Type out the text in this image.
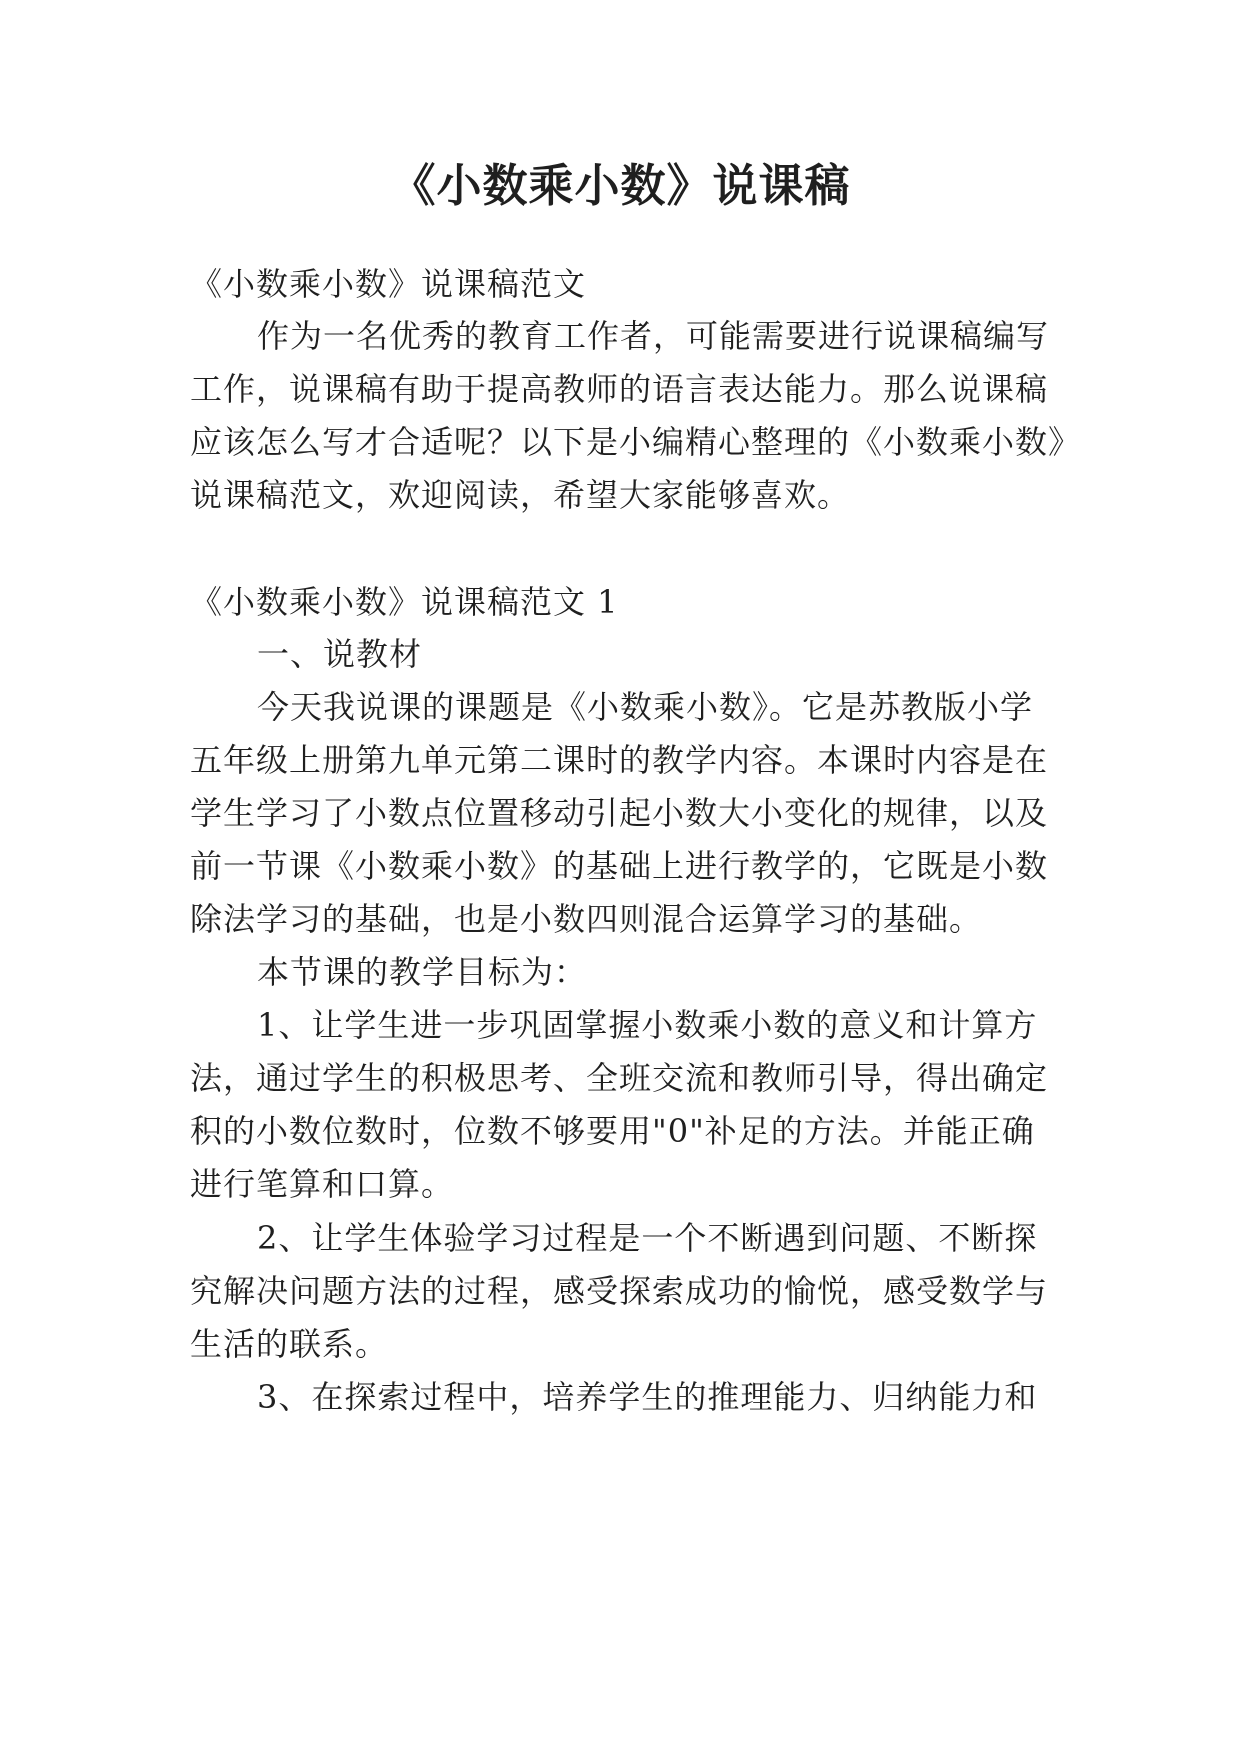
《小数乘小数》说课稿

《小数乘小数》说课稿范文

作为一名优秀的教育工作者，可能需要进行说课稿编写

工作，说课稿有助于提高教师的语言表达能力。那么说课稿

应该怎么写才合适呢？以下是小编精心整理的《小数乘小数》

说课稿范文，欢迎阅读，希望大家能够喜欢。

《小数乘小数》说课稿范文 1

一、说教材

今天我说课的课题是《小数乘小数》。它是苏教版小学

五年级上册第九单元第二课时的教学内容。本课时内容是在

学生学习了小数点位置移动引起小数大小变化的规律，以及

前一节课《小数乘小数》的基础上进行教学的，它既是小数

除法学习的基础，也是小数四则混合运算学习的基础。

本节课的教学目标为：

1、让学生进一步巩固掌握小数乘小数的意义和计算方

法，通过学生的积极思考、全班交流和教师引导，得出确定

积的小数位数时，位数不够要用"0"补足的方法。并能正确

进行笔算和口算。

2、让学生体验学习过程是一个不断遇到问题、不断探

究解决问题方法的过程，感受探索成功的愉悦，感受数学与

生活的联系。

3、在探索过程中，培养学生的推理能力、归纳能力和
